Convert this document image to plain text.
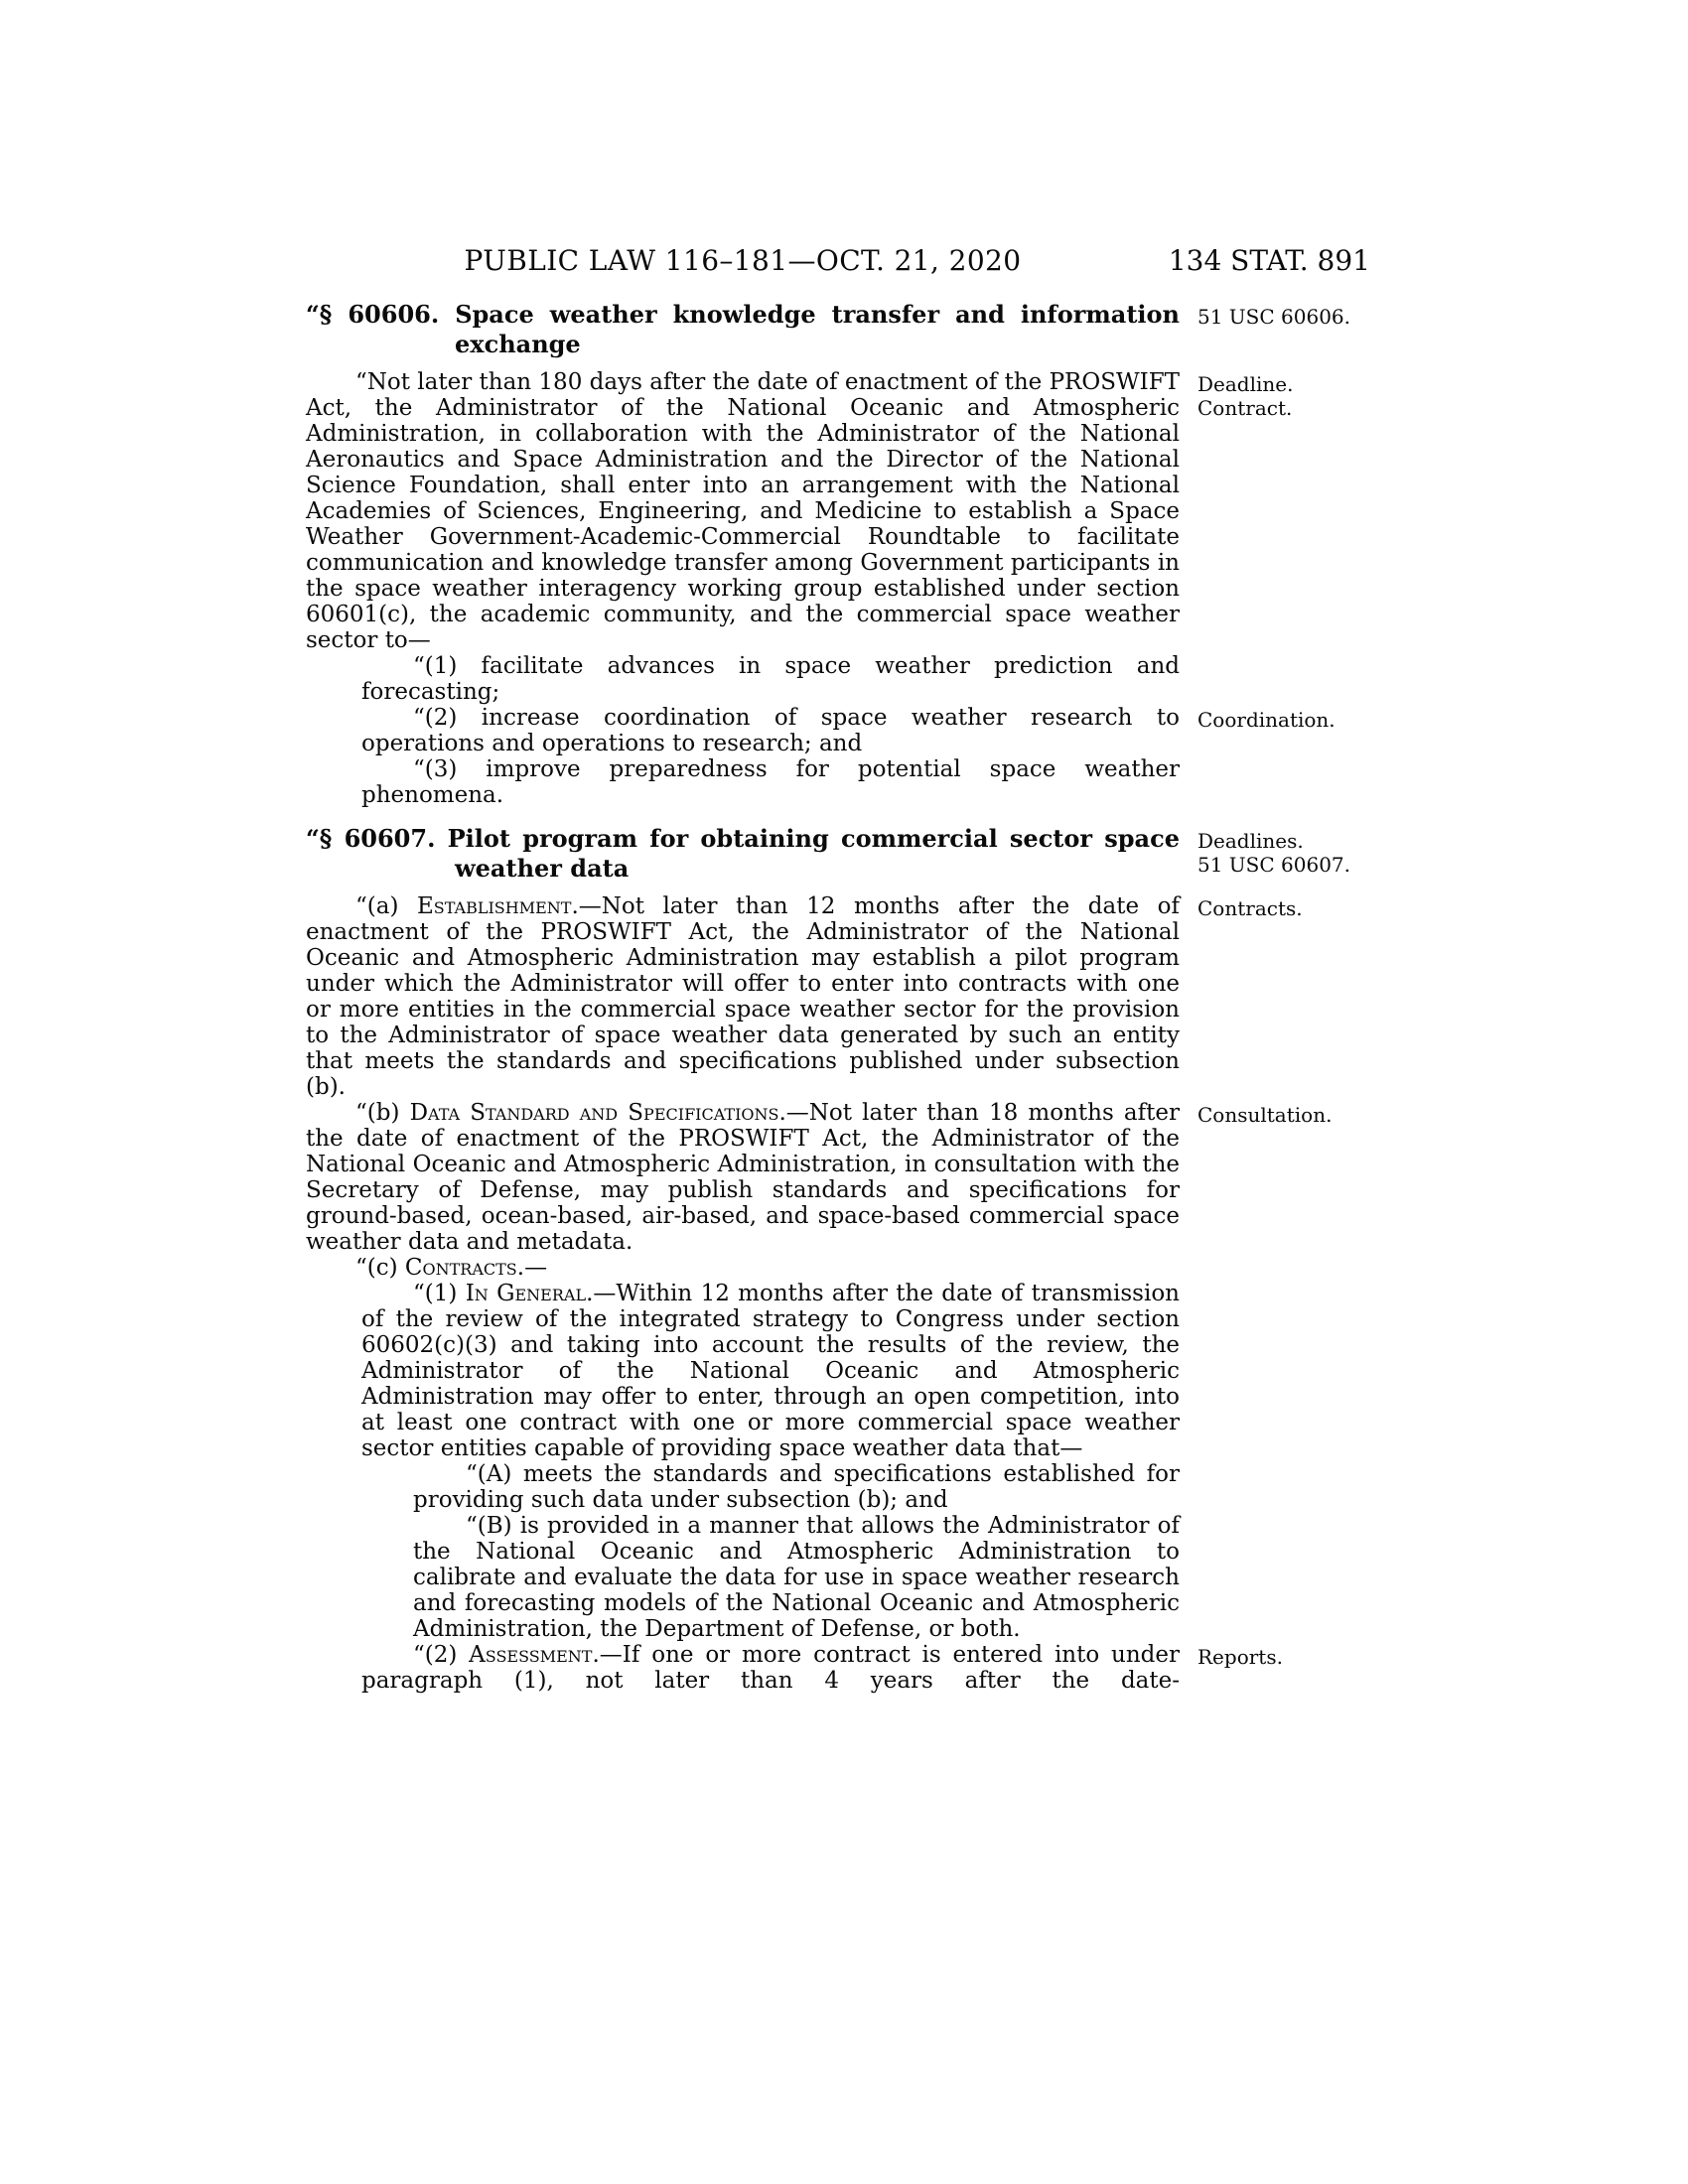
PUBLIC LAW 116–181—OCT. 21, 2020	134 STAT. 891
“§ 60606. Space weather knowledge transfer and information exchange
51 USC 60606.
“Not later than 180 days after the date of enactment of the PROSWIFT Act, the Administrator of the National Oceanic and Atmospheric Administration, in collaboration with the Administrator of the National Aeronautics and Space Administration and the Director of the National Science Foundation, shall enter into an arrangement with the National Academies of Sciences, Engineering, and Medicine to establish a Space Weather Government-Academic-Commercial Roundtable to facilitate communication and knowledge transfer among Government participants in the space weather interagency working group established under section 60601(c), the academic community, and the commercial space weather sector to—
Deadline.
Contract.
“(1) facilitate advances in space weather prediction and forecasting;
“(2) increase coordination of space weather research to operations and operations to research; and
Coordination.
“(3) improve preparedness for potential space weather phenomena.
“§ 60607. Pilot program for obtaining commercial sector space weather data
Deadlines.
51 USC 60607.
“(a) Establishment.—Not later than 12 months after the date of enactment of the PROSWIFT Act, the Administrator of the National Oceanic and Atmospheric Administration may establish a pilot program under which the Administrator will offer to enter into contracts with one or more entities in the commercial space weather sector for the provision to the Administrator of space weather data generated by such an entity that meets the standards and specifications published under subsection (b).
Contracts.
“(b) Data Standard and Specifications.—Not later than 18 months after the date of enactment of the PROSWIFT Act, the Administrator of the National Oceanic and Atmospheric Administration, in consultation with the Secretary of Defense, may publish standards and specifications for ground-based, ocean-based, air-based, and space-based commercial space weather data and metadata.
Consultation.
“(c) Contracts.—
“(1) In General.—Within 12 months after the date of transmission of the review of the integrated strategy to Congress under section 60602(c)(3) and taking into account the results of the review, the Administrator of the National Oceanic and Atmospheric Administration may offer to enter, through an open competition, into at least one contract with one or more commercial space weather sector entities capable of providing space weather data that—
“(A) meets the standards and specifications established for providing such data under subsection (b); and
“(B) is provided in a manner that allows the Administrator of the National Oceanic and Atmospheric Administration to calibrate and evaluate the data for use in space weather research and forecasting models of the National Oceanic and Atmospheric Administration, the Department of Defense, or both.
“(2) Assessment.—If one or more contract is entered into under paragraph (1), not later than 4 years after the date-
Reports.
